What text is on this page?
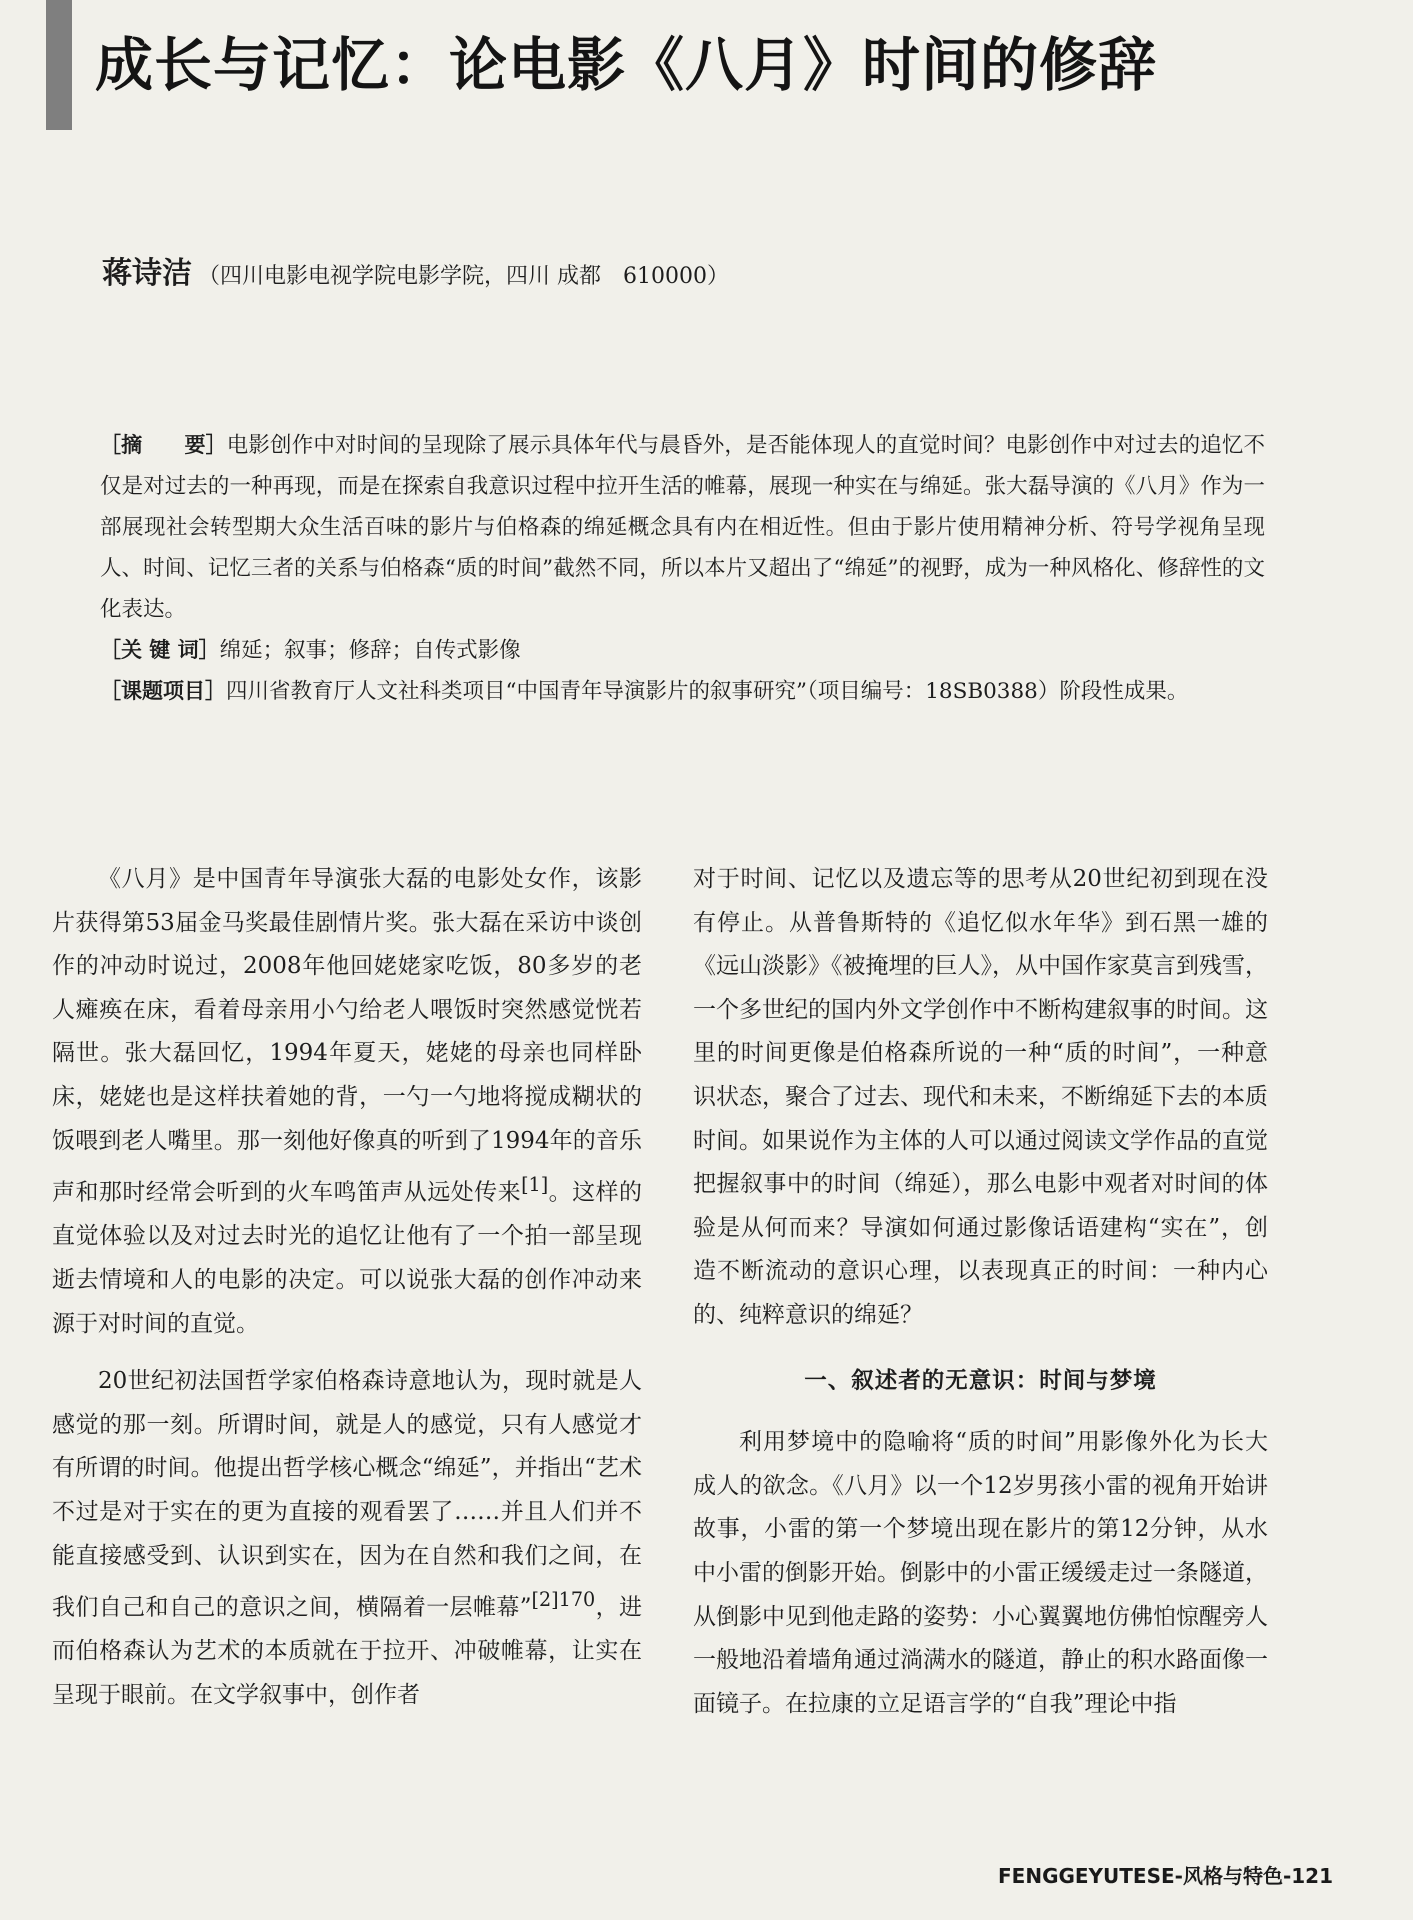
成长与记忆：论电影《八月》时间的修辞
蒋诗洁 （四川电影电视学院电影学院，四川 成都　610000）

［摘　　要］电影创作中对时间的呈现除了展示具体年代与晨昏外，是否能体现人的直觉时间？电影创作中对过去的追忆不仅是对过去的一种再现，而是在探索自我意识过程中拉开生活的帷幕，展现一种实在与绵延。张大磊导演的《八月》作为一部展现社会转型期大众生活百味的影片与伯格森的绵延概念具有内在相近性。但由于影片使用精神分析、符号学视角呈现人、时间、记忆三者的关系与伯格森“质的时间”截然不同，所以本片又超出了“绵延”的视野，成为一种风格化、修辞性的文化表达。

［关 键 词］绵延；叙事；修辞；自传式影像

［课题项目］四川省教育厅人文社科类项目“中国青年导演影片的叙事研究”（项目编号：18SB0388）阶段性成果。

《八月》是中国青年导演张大磊的电影处女作，该影片获得第53届金马奖最佳剧情片奖。张大磊在采访中谈创作的冲动时说过，2008年他回姥姥家吃饭，80多岁的老人瘫痪在床，看着母亲用小勺给老人喂饭时突然感觉恍若隔世。张大磊回忆，1994年夏天，姥姥的母亲也同样卧床，姥姥也是这样扶着她的背，一勺一勺地将搅成糊状的饭喂到老人嘴里。那一刻他好像真的听到了1994年的音乐声和那时经常会听到的火车鸣笛声从远处传来[1]。这样的直觉体验以及对过去时光的追忆让他有了一个拍一部呈现逝去情境和人的电影的决定。可以说张大磊的创作冲动来源于对时间的直觉。

20世纪初法国哲学家伯格森诗意地认为，现时就是人感觉的那一刻。所谓时间，就是人的感觉，只有人感觉才有所谓的时间。他提出哲学核心概念“绵延”，并指出“艺术不过是对于实在的更为直接的观看罢了……并且人们并不能直接感受到、认识到实在，因为在自然和我们之间，在我们自己和自己的意识之间，横隔着一层帷幕”$^{[2]170}$，进而伯格森认为艺术的本质就在于拉开、冲破帷幕，让实在呈现于眼前。在文学叙事中，创作者

对于时间、记忆以及遗忘等的思考从20世纪初到现在没有停止。从普鲁斯特的《追忆似水年华》到石黑一雄的《远山淡影》《被掩埋的巨人》，从中国作家莫言到残雪，一个多世纪的国内外文学创作中不断构建叙事的时间。这里的时间更像是伯格森所说的一种“质的时间”，一种意识状态，聚合了过去、现代和未来，不断绵延下去的本质时间。如果说作为主体的人可以通过阅读文学作品的直觉把握叙事中的时间（绵延），那么电影中观者对时间的体验是从何而来？导演如何通过影像话语建构“实在”，创造不断流动的意识心理，以表现真正的时间：一种内心的、纯粹意识的绵延？

一、叙述者的无意识：时间与梦境

利用梦境中的隐喻将“质的时间”用影像外化为长大成人的欲念。《八月》以一个12岁男孩小雷的视角开始讲故事，小雷的第一个梦境出现在影片的第12分钟，从水中小雷的倒影开始。倒影中的小雷正缓缓走过一条隧道，从倒影中见到他走路的姿势：小心翼翼地仿佛怕惊醒旁人一般地沿着墙角通过淌满水的隧道，静止的积水路面像一面镜子。在拉康的立足语言学的“自我”理论中指

FENGGEYUTESE-风格与特色-121
